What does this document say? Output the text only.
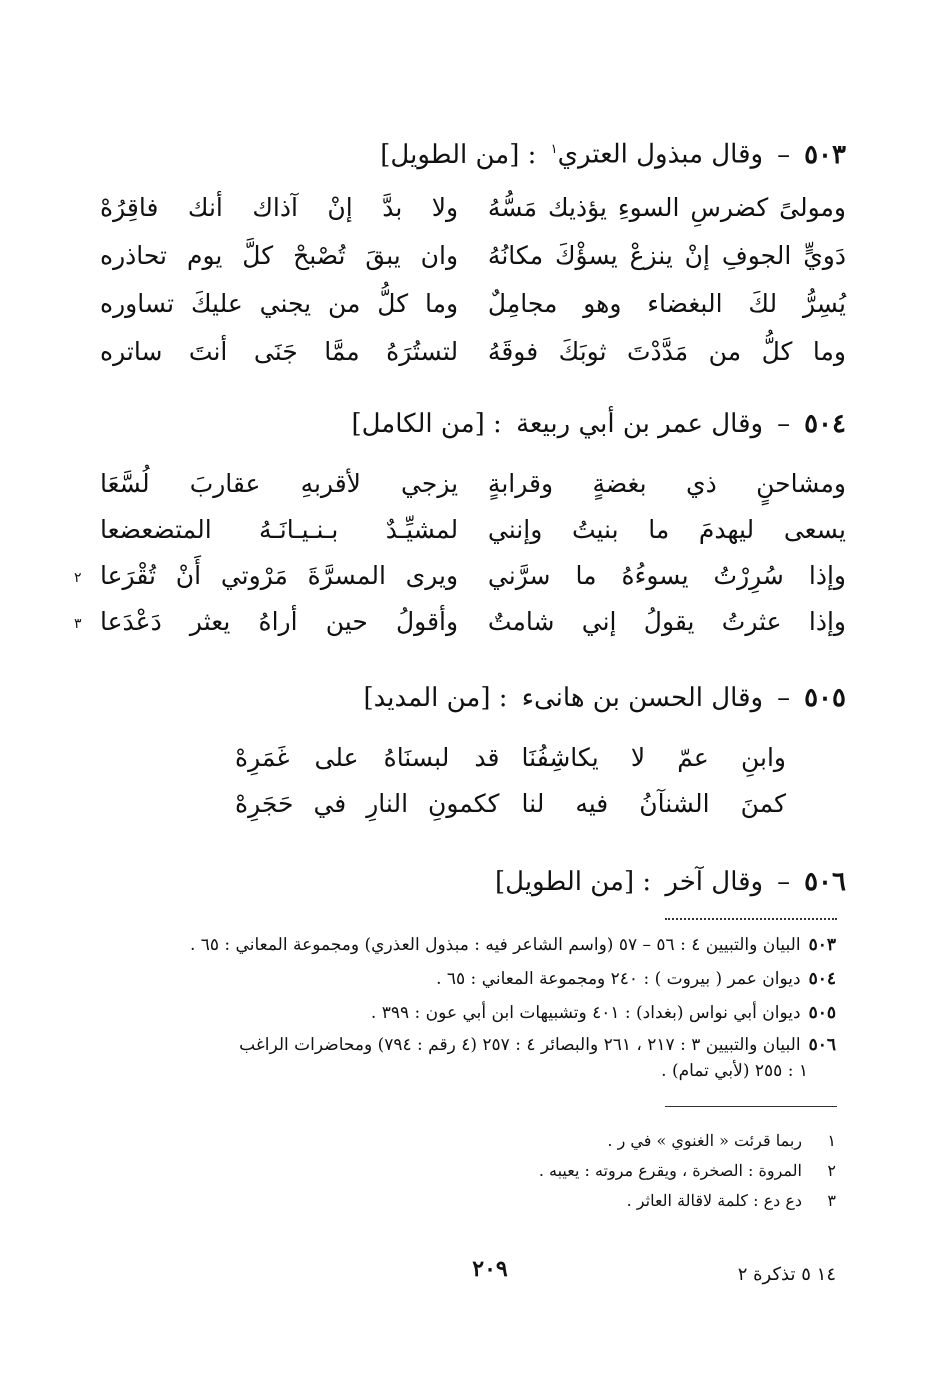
٥٠٣–وقال مبذول العتري$^١$ : [من الطويل]
ومولىً كضرسِ السوءِ يؤذيك مَسُّهُ
ولا بدَّ إنْ آذاك أنك فاقِرُهْ
دَويٍّ الجوفِ إنْ ينزعْ يسؤْكَ مكانُهُ
وان يبقَ تُصْبحْ كلَّ يوم تحاذره
يُسِرُّ لكَ البغضاء وهو مجامِلٌ
وما كلُّ من يجني عليكَ تساوره
وما كلُّ من مَدَّدْتَ ثوبَكَ فوقَهُ
لتستُرَهُ ممَّا جَنَى أنتَ ساتره
٥٠٤–وقال عمر بن أبي ربيعة : [من الكامل]
ومشاحنٍ ذي بغضةٍ وقرابةٍ
يزجي لأقربهِ عقاربَ لُسَّعَا
يسعى ليهدمَ ما بنيتُ وإنني
لمشيِّـدٌ بـنـيـانَـهُ المتضعضعا
وإذا سُرِرْتُ يسوءُهُ ما سرَّني
ويرى المسرَّةَ مَرْوتي أَنْ تُقْرَعا
٢
وإذا عثرتُ يقولُ إني شامتٌ
وأقولُ حين أراهُ يعثر دَعْدَعا
٣
٥٠٥–وقال الحسن بن هانىء : [من المديد]
وابنِ عمّ لا يكاشِفُنَا
قد لبسنَاهُ على غَمَرِهْ
كمنَ الشنآنُ فيه لنا
ككمونِ النارِ في حَجَرِهْ
٥٠٦–وقال آخر : [من الطويل]
٥٠٣البيان والتبيين ٤ : ٥٦ – ٥٧ (واسم الشاعر فيه : مبذول العذري) ومجموعة المعاني : ٦٥ .
٥٠٤ديوان عمر ( بيروت ) : ٢٤٠ ومجموعة المعاني : ٦٥ .
٥٠٥ديوان أبي نواس (بغداد) : ٤٠١ وتشبيهات ابن أبي عون : ٣٩٩ .
٥٠٦البيان والتبيين ٣ : ٢١٧ ، ٢٦١ والبصائر ٤ : ٢٥٧ (٤ رقم : ٧٩٤) ومحاضرات الراغب
١ : ٢٥٥ (لأبي تمام) .
١ربما قرئت « الغنوي » في ر .
٢المروة : الصخرة ، ويقرع مروته : يعيبه .
٣دع دع : كلمة لاقالة العاثر .
٢٠٩	١٤ ٥ تذكرة ٢
